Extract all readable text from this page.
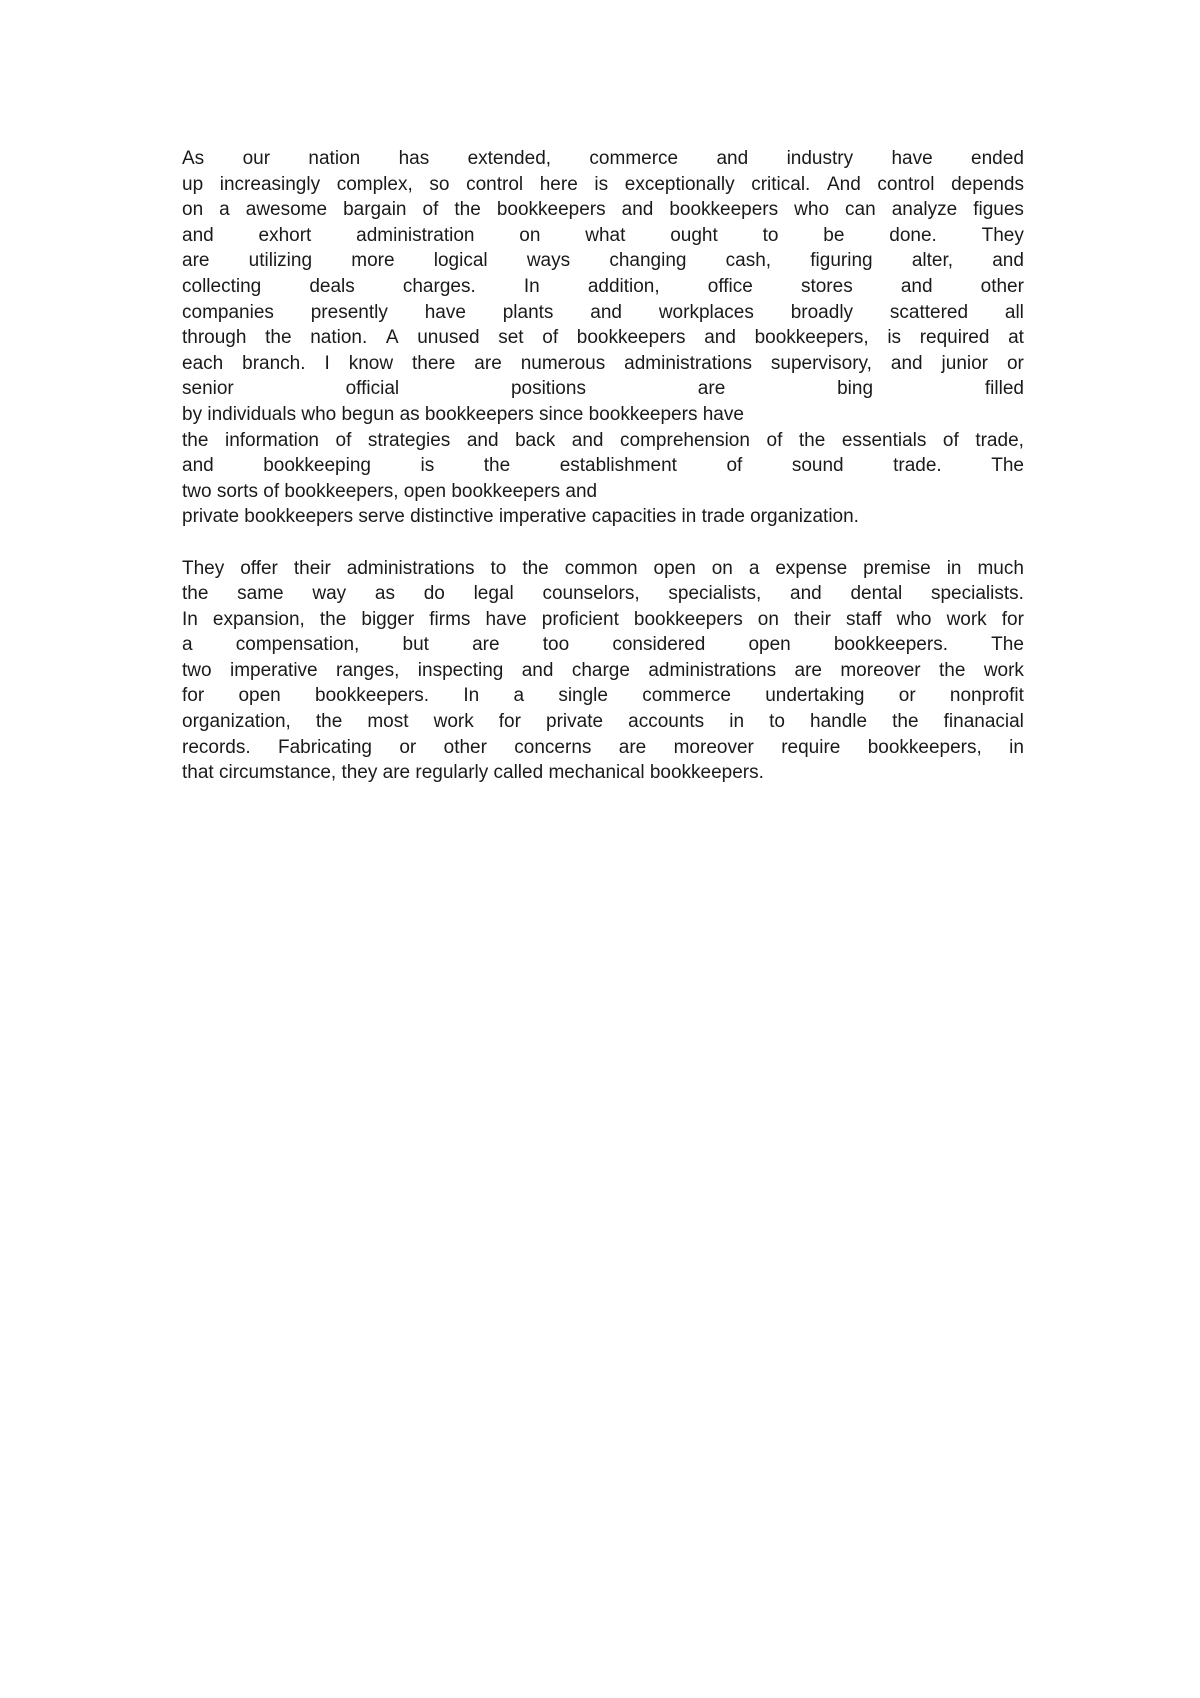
As our nation has extended, commerce and industry have ended
up increasingly complex, so control here is exceptionally critical. And control depends
on a awesome bargain of the bookkeepers and bookkeepers who can analyze figues
and exhort administration on what ought to be done. They
are utilizing more logical ways changing cash, figuring alter, and
collecting	deals	charges.	In	addition,	office	stores	and	other
companies presently have plants and workplaces broadly scattered all
through the nation. A unused set of bookkeepers and bookkeepers, is required at
each branch. I know there are numerous administrations supervisory, and junior or
senior	official	positions	are	bing	filled
by individuals who begun as bookkeepers since bookkeepers have
the information of strategies and back and comprehension of the essentials of trade,
and	bookkeeping	is	the	establishment	of	sound	trade.	The
two sorts of bookkeepers, open bookkeepers and
private bookkeepers serve distinctive imperative capacities in trade organization.
They offer their administrations to the common open on a expense premise in much
the same way as do legal counselors, specialists, and dental specialists.
In expansion, the bigger firms have proficient bookkeepers on their staff who work for
a compensation, but are too considered open bookkeepers. The
two imperative ranges, inspecting and charge administrations are moreover the work
for open bookkeepers. In a single commerce undertaking or nonprofit
organization, the most work for private accounts in to handle the finanacial
records. Fabricating or other concerns are moreover require bookkeepers, in
that circumstance, they are regularly called mechanical bookkeepers.
